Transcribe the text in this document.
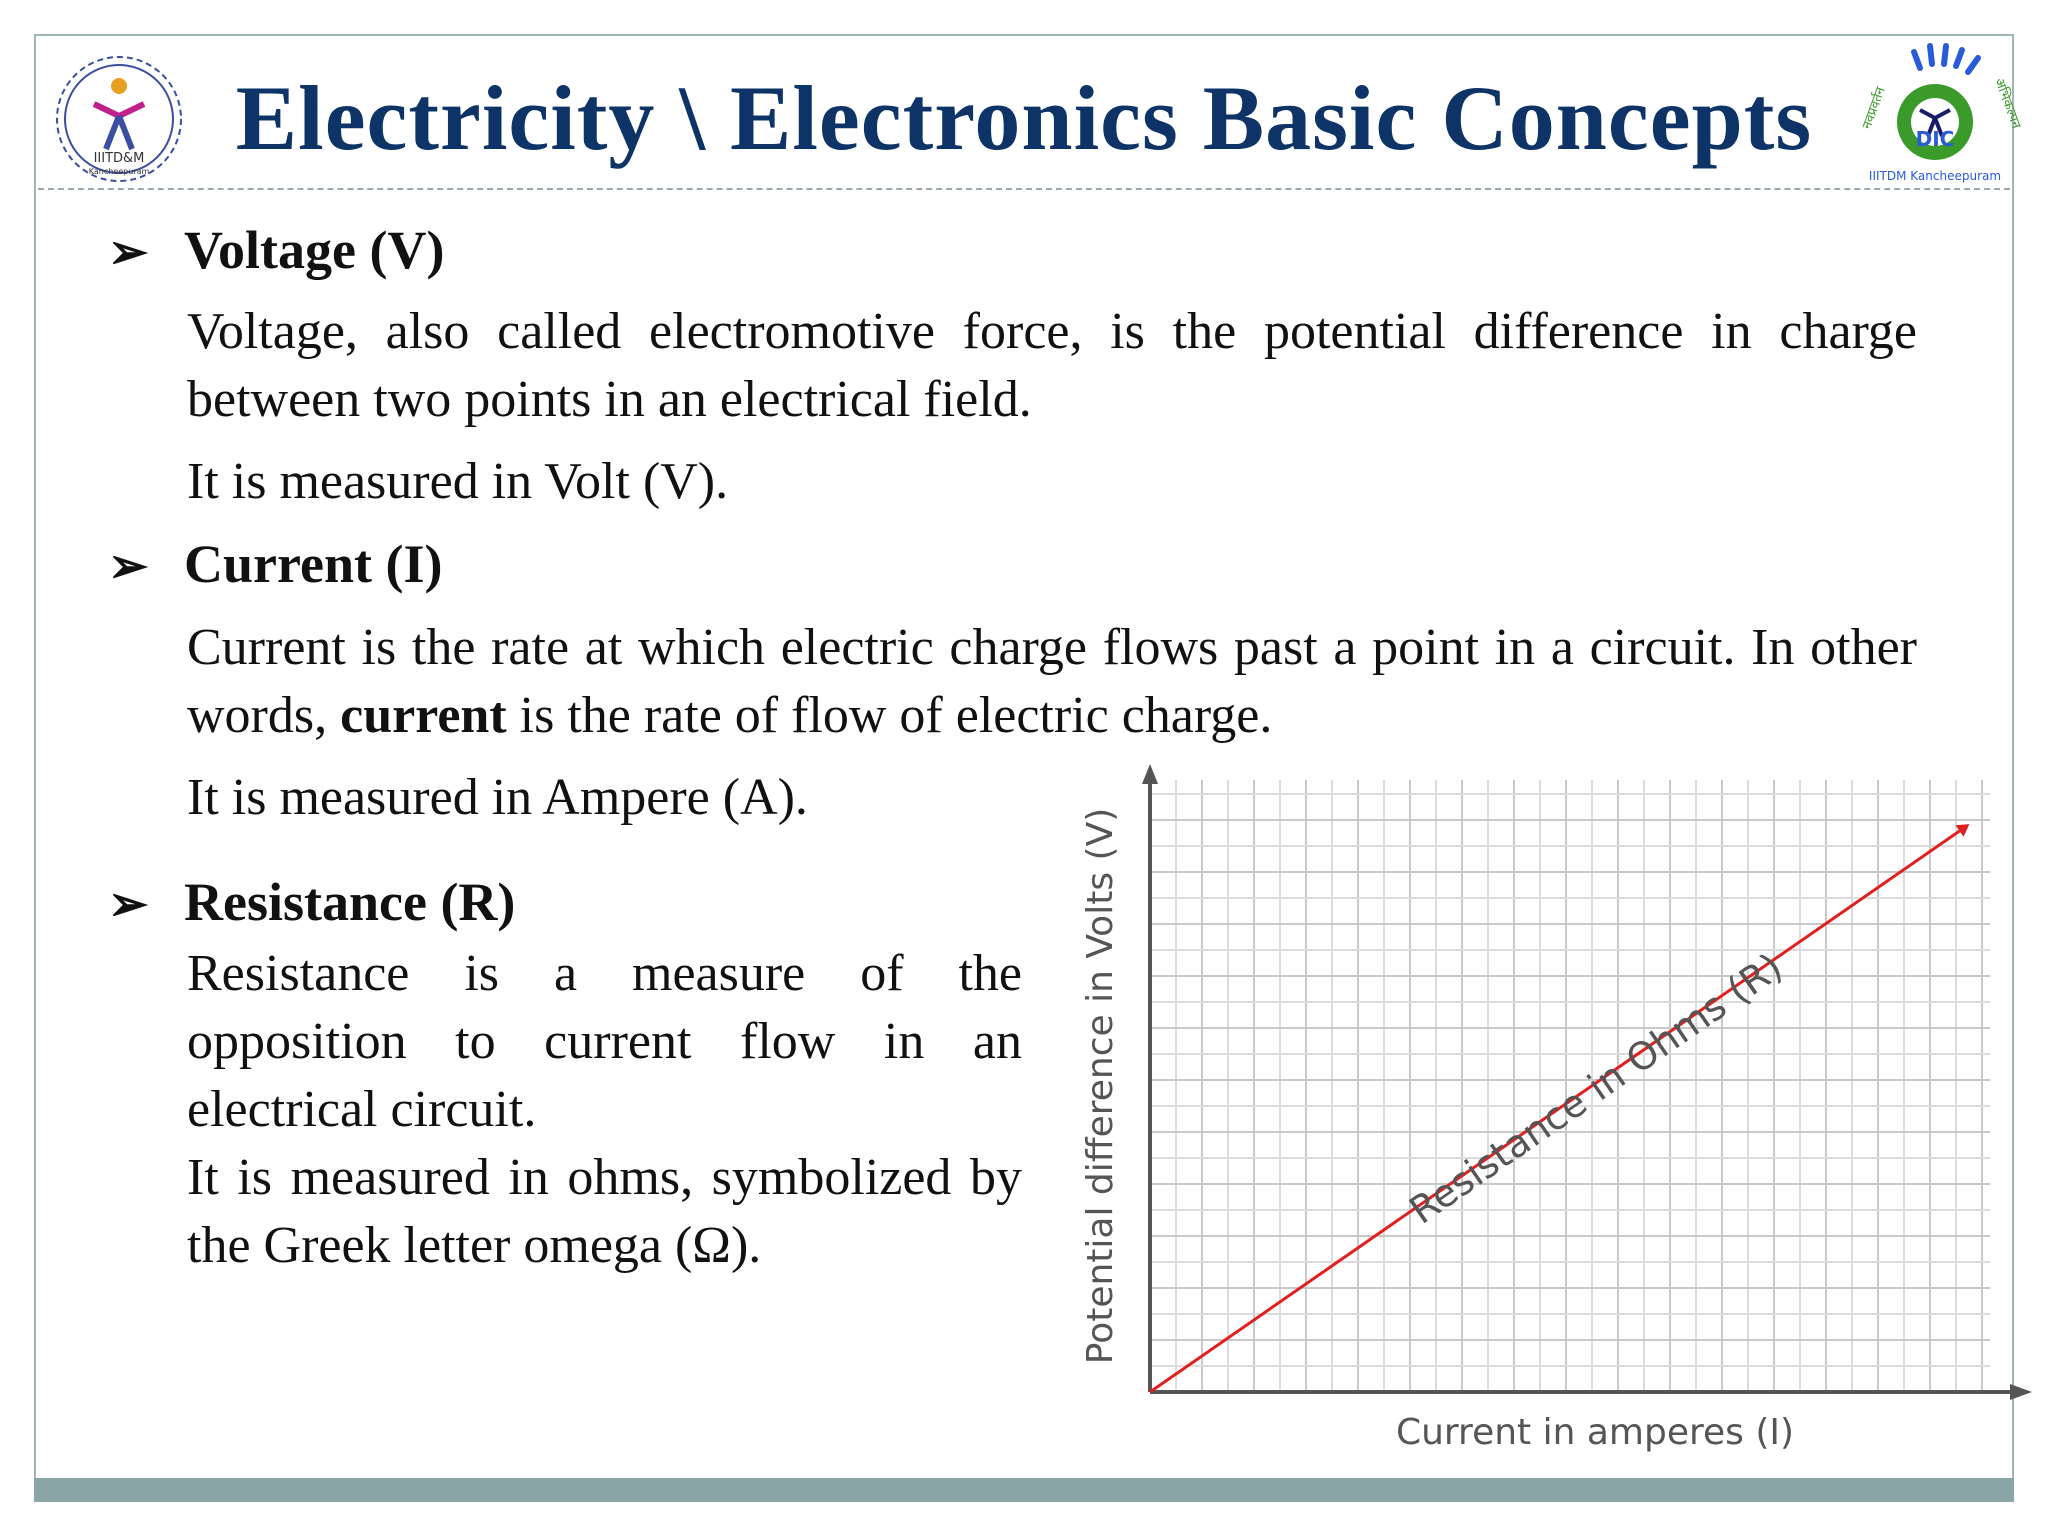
IIITD&M
Kancheepuram
Electricity \ Electronics Basic Concepts	DIC
नवप्रवर्तन	अभिकल्पन
IIITDM Kancheepuram
➢ Voltage (V)
Voltage, also called electromotive force, is the potential difference in charge between two points in an electrical field.
It is measured in Volt (V).
➢ Current (I)
Current is the rate at which electric charge flows past a point in a circuit. In other words, current is the rate of flow of electric charge.
It is measured in Ampere (A).
➢ Resistance (R)
Resistance is a measure of the opposition to current flow in an electrical circuit.
It is measured in ohms, symbolized by the Greek letter omega (Ω).
Current in amperes (I)
Potential difference in Volts (V)	Resistance in Ohms (R)
